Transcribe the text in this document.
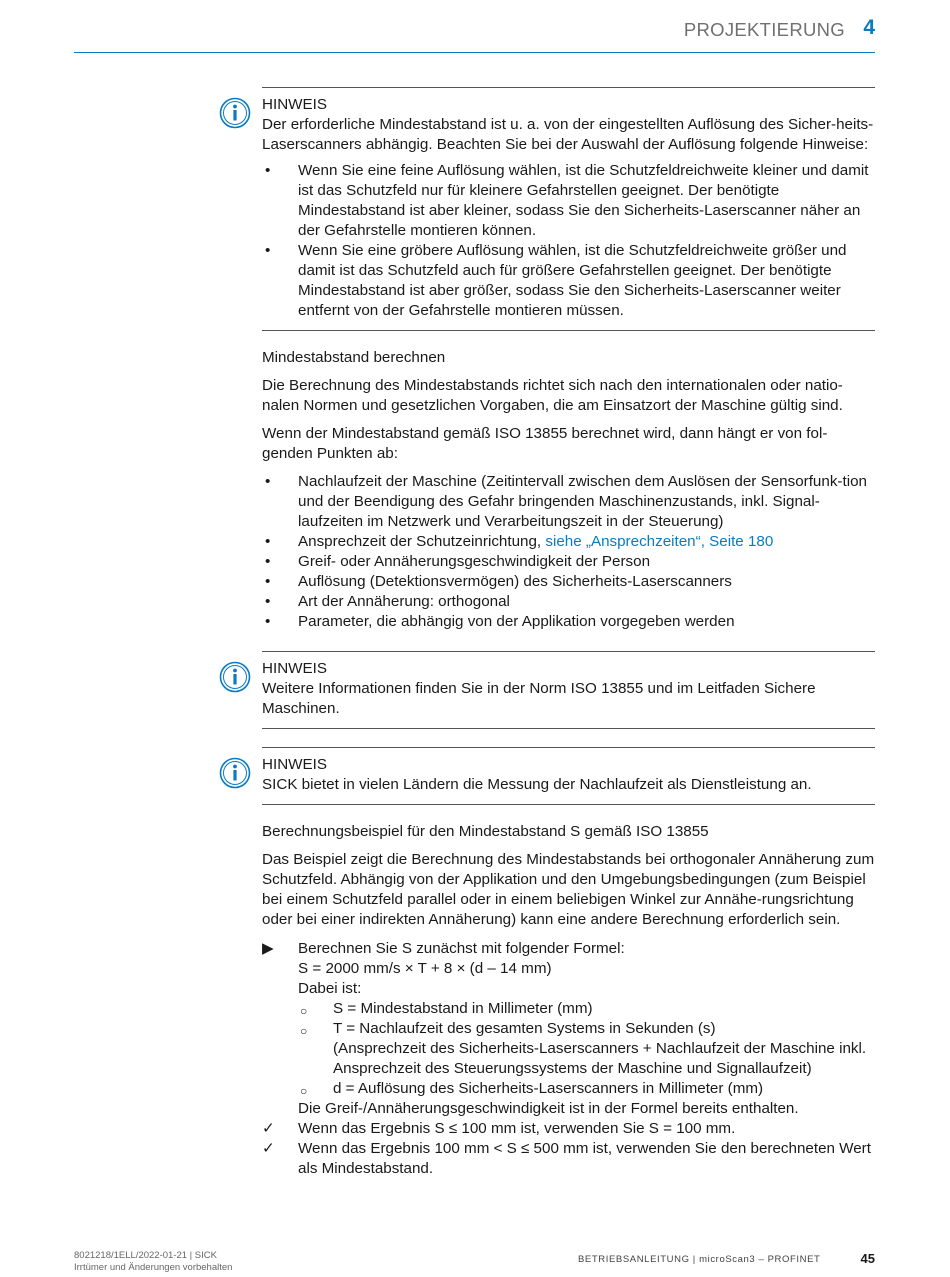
PROJEKTIERUNG 4

HINWEIS

Der erforderliche Mindestabstand ist u. a. von der eingestellten Auflösung des Sicher-heits-Laserscanners abhängig. Beachten Sie bei der Auswahl der Auflösung folgende Hinweise:

• Wenn Sie eine feine Auflösung wählen, ist die Schutzfeldreichweite kleiner und damit ist das Schutzfeld nur für kleinere Gefahrstellen geeignet. Der benötigte Mindestabstand ist aber kleiner, sodass Sie den Sicherheits-Laserscanner näher an der Gefahrstelle montieren können.
• Wenn Sie eine gröbere Auflösung wählen, ist die Schutzfeldreichweite größer und damit ist das Schutzfeld auch für größere Gefahrstellen geeignet. Der benötigte Mindestabstand ist aber größer, sodass Sie den Sicherheits-Laserscanner weiter entfernt von der Gefahrstelle montieren müssen.

Mindestabstand berechnen

Die Berechnung des Mindestabstands richtet sich nach den internationalen oder natio-nalen Normen und gesetzlichen Vorgaben, die am Einsatzort der Maschine gültig sind.

Wenn der Mindestabstand gemäß ISO 13855 berechnet wird, dann hängt er von fol-genden Punkten ab:

• Nachlaufzeit der Maschine (Zeitintervall zwischen dem Auslösen der Sensorfunk-tion und der Beendigung des Gefahr bringenden Maschinenzustands, inkl. Signal-laufzeiten im Netzwerk und Verarbeitungszeit in der Steuerung)
• Ansprechzeit der Schutzeinrichtung, siehe „Ansprechzeiten“, Seite 180
• Greif- oder Annäherungsgeschwindigkeit der Person
• Auflösung (Detektionsvermögen) des Sicherheits-Laserscanners
• Art der Annäherung: orthogonal
• Parameter, die abhängig von der Applikation vorgegeben werden

HINWEIS

Weitere Informationen finden Sie in der Norm ISO 13855 und im Leitfaden Sichere Maschinen.

HINWEIS

SICK bietet in vielen Ländern die Messung der Nachlaufzeit als Dienstleistung an.

Berechnungsbeispiel für den Mindestabstand S gemäß ISO 13855

Das Beispiel zeigt die Berechnung des Mindestabstands bei orthogonaler Annäherung zum Schutzfeld. Abhängig von der Applikation und den Umgebungsbedingungen (zum Beispiel bei einem Schutzfeld parallel oder in einem beliebigen Winkel zur Annähe-rungsrichtung oder bei einer indirekten Annäherung) kann eine andere Berechnung erforderlich sein.

▶ Berechnen Sie S zunächst mit folgender Formel:
S = 2000 mm/s × T + 8 × (d – 14 mm)
Dabei ist:
○ S = Mindestabstand in Millimeter (mm)
○ T = Nachlaufzeit des gesamten Systems in Sekunden (s)
(Ansprechzeit des Sicherheits-Laserscanners + Nachlaufzeit der Maschine inkl. Ansprechzeit des Steuerungssystems der Maschine und Signallaufzeit)
○ d = Auflösung des Sicherheits-Laserscanners in Millimeter (mm)
Die Greif-/Annäherungsgeschwindigkeit ist in der Formel bereits enthalten.
✓ Wenn das Ergebnis S ≤ 100 mm ist, verwenden Sie S = 100 mm.
✓ Wenn das Ergebnis 100 mm < S ≤ 500 mm ist, verwenden Sie den berechneten Wert als Mindestabstand.
8021218/1ELL/2022-01-21 | SICK
Irrtümer und Änderungen vorbehalten
BETRIEBSANLEITUNG | microScan3 – PROFINET	45
